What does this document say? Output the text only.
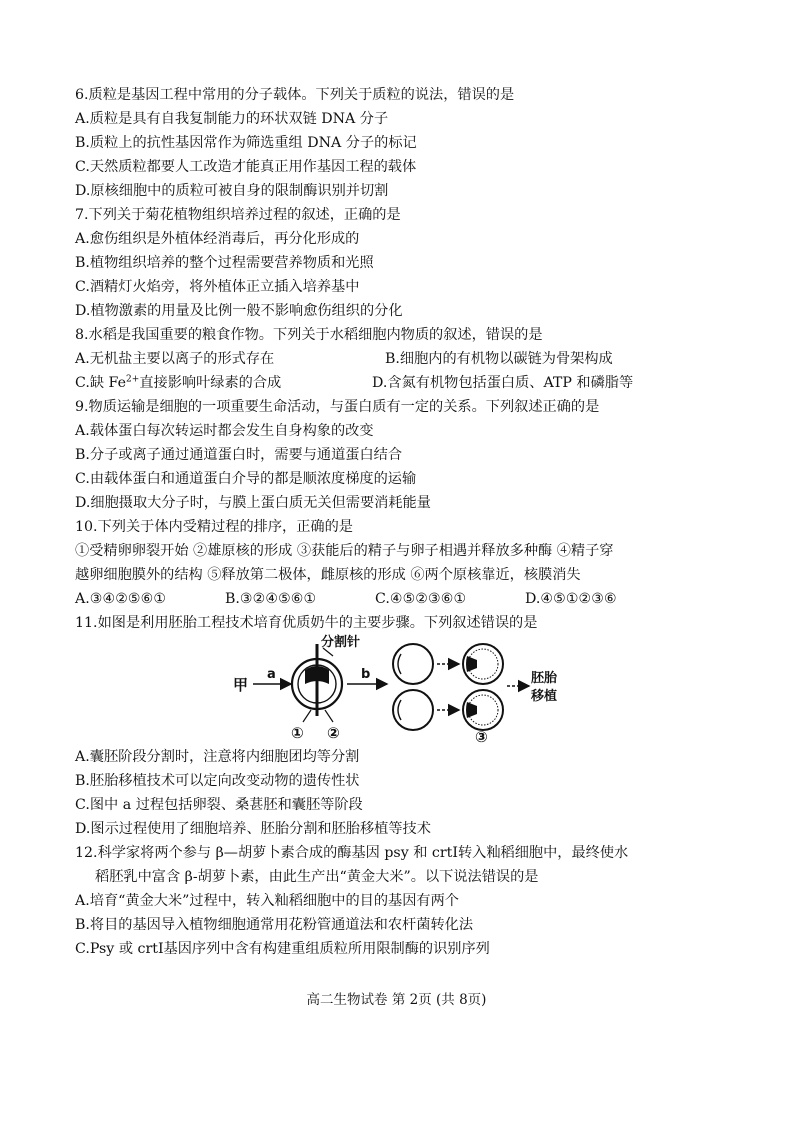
6.质粒是基因工程中常用的分子载体。下列关于质粒的说法，错误的是
A.质粒是具有自我复制能力的环状双链 DNA 分子
B.质粒上的抗性基因常作为筛选重组 DNA 分子的标记
C.天然质粒都要人工改造才能真正用作基因工程的载体
D.原核细胞中的质粒可被自身的限制酶识别并切割
7.下列关于菊花植物组织培养过程的叙述，正确的是
A.愈伤组织是外植体经消毒后，再分化形成的
B.植物组织培养的整个过程需要营养物质和光照
C.酒精灯火焰旁，将外植体正立插入培养基中
D.植物激素的用量及比例一般不影响愈伤组织的分化
8.水稻是我国重要的粮食作物。下列关于水稻细胞内物质的叙述，错误的是
A.无机盐主要以离子的形式存在	B.细胞内的有机物以碳链为骨架构成
C.缺 $Fe^{2+}$直接影响叶绿素的合成	D.含氮有机物包括蛋白质、ATP 和磷脂等
9.物质运输是细胞的一项重要生命活动，与蛋白质有一定的关系。下列叙述正确的是
A.载体蛋白每次转运时都会发生自身构象的改变
B.分子或离子通过通道蛋白时，需要与通道蛋白结合
C.由载体蛋白和通道蛋白介导的都是顺浓度梯度的运输
D.细胞摄取大分子时，与膜上蛋白质无关但需要消耗能量
10.下列关于体内受精过程的排序，正确的是
①受精卵卵裂开始 ②雄原核的形成 ③获能后的精子与卵子相遇并释放多种酶 ④精子穿
越卵细胞膜外的结构 ⑤释放第二极体，雌原核的形成 ⑥两个原核靠近，核膜消失
A.③④②⑤⑥①	B.③②④⑤⑥①	C.④⑤②③⑥①	D.④⑤①②③⑥
11.如图是利用胚胎工程技术培育优质奶牛的主要步骤。下列叙述错误的是
甲
a
分割针
① ②
b
③
胚胎
移植
A.囊胚阶段分割时，注意将内细胞团均等分割
B.胚胎移植技术可以定向改变动物的遗传性状
C.图中 a 过程包括卵裂、桑葚胚和囊胚等阶段
D.图示过程使用了细胞培养、胚胎分割和胚胎移植等技术
12.科学家将两个参与 β—胡萝卜素合成的酶基因 psy 和 crtⅠ转入籼稻细胞中，最终使水
稻胚乳中富含 β-胡萝卜素，由此生产出“黄金大米”。以下说法错误的是
A.培育“黄金大米”过程中，转入籼稻细胞中的目的基因有两个
B.将目的基因导入植物细胞通常用花粉管通道法和农杆菌转化法
C.Psy 或 crtⅠ基因序列中含有构建重组质粒所用限制酶的识别序列
高二生物试卷 第 2页 (共 8页)
